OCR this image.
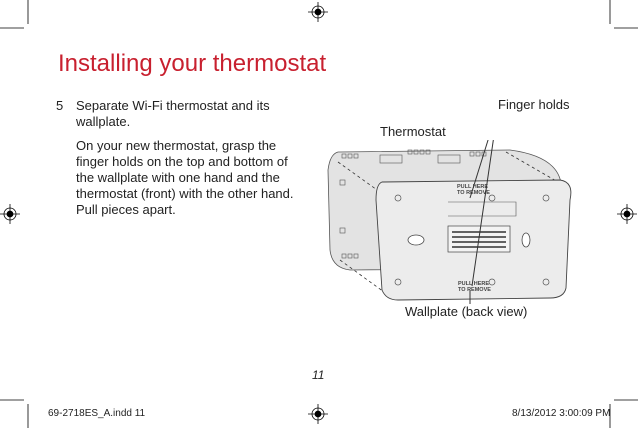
Installing your thermostat
5 Separate Wi-Fi thermostat and its wallplate.
On your new thermostat, grasp the finger holds on the top and bottom of the wallplate with one hand and the thermostat (front) with the other hand. Pull pieces apart.
PULL HERE
TO REMOVE
PULL HERE
TO REMOVE
Finger holds
Thermostat
Wallplate (back view)
11
69-2718ES_A.indd 11	8/13/2012 3:00:09 PM
